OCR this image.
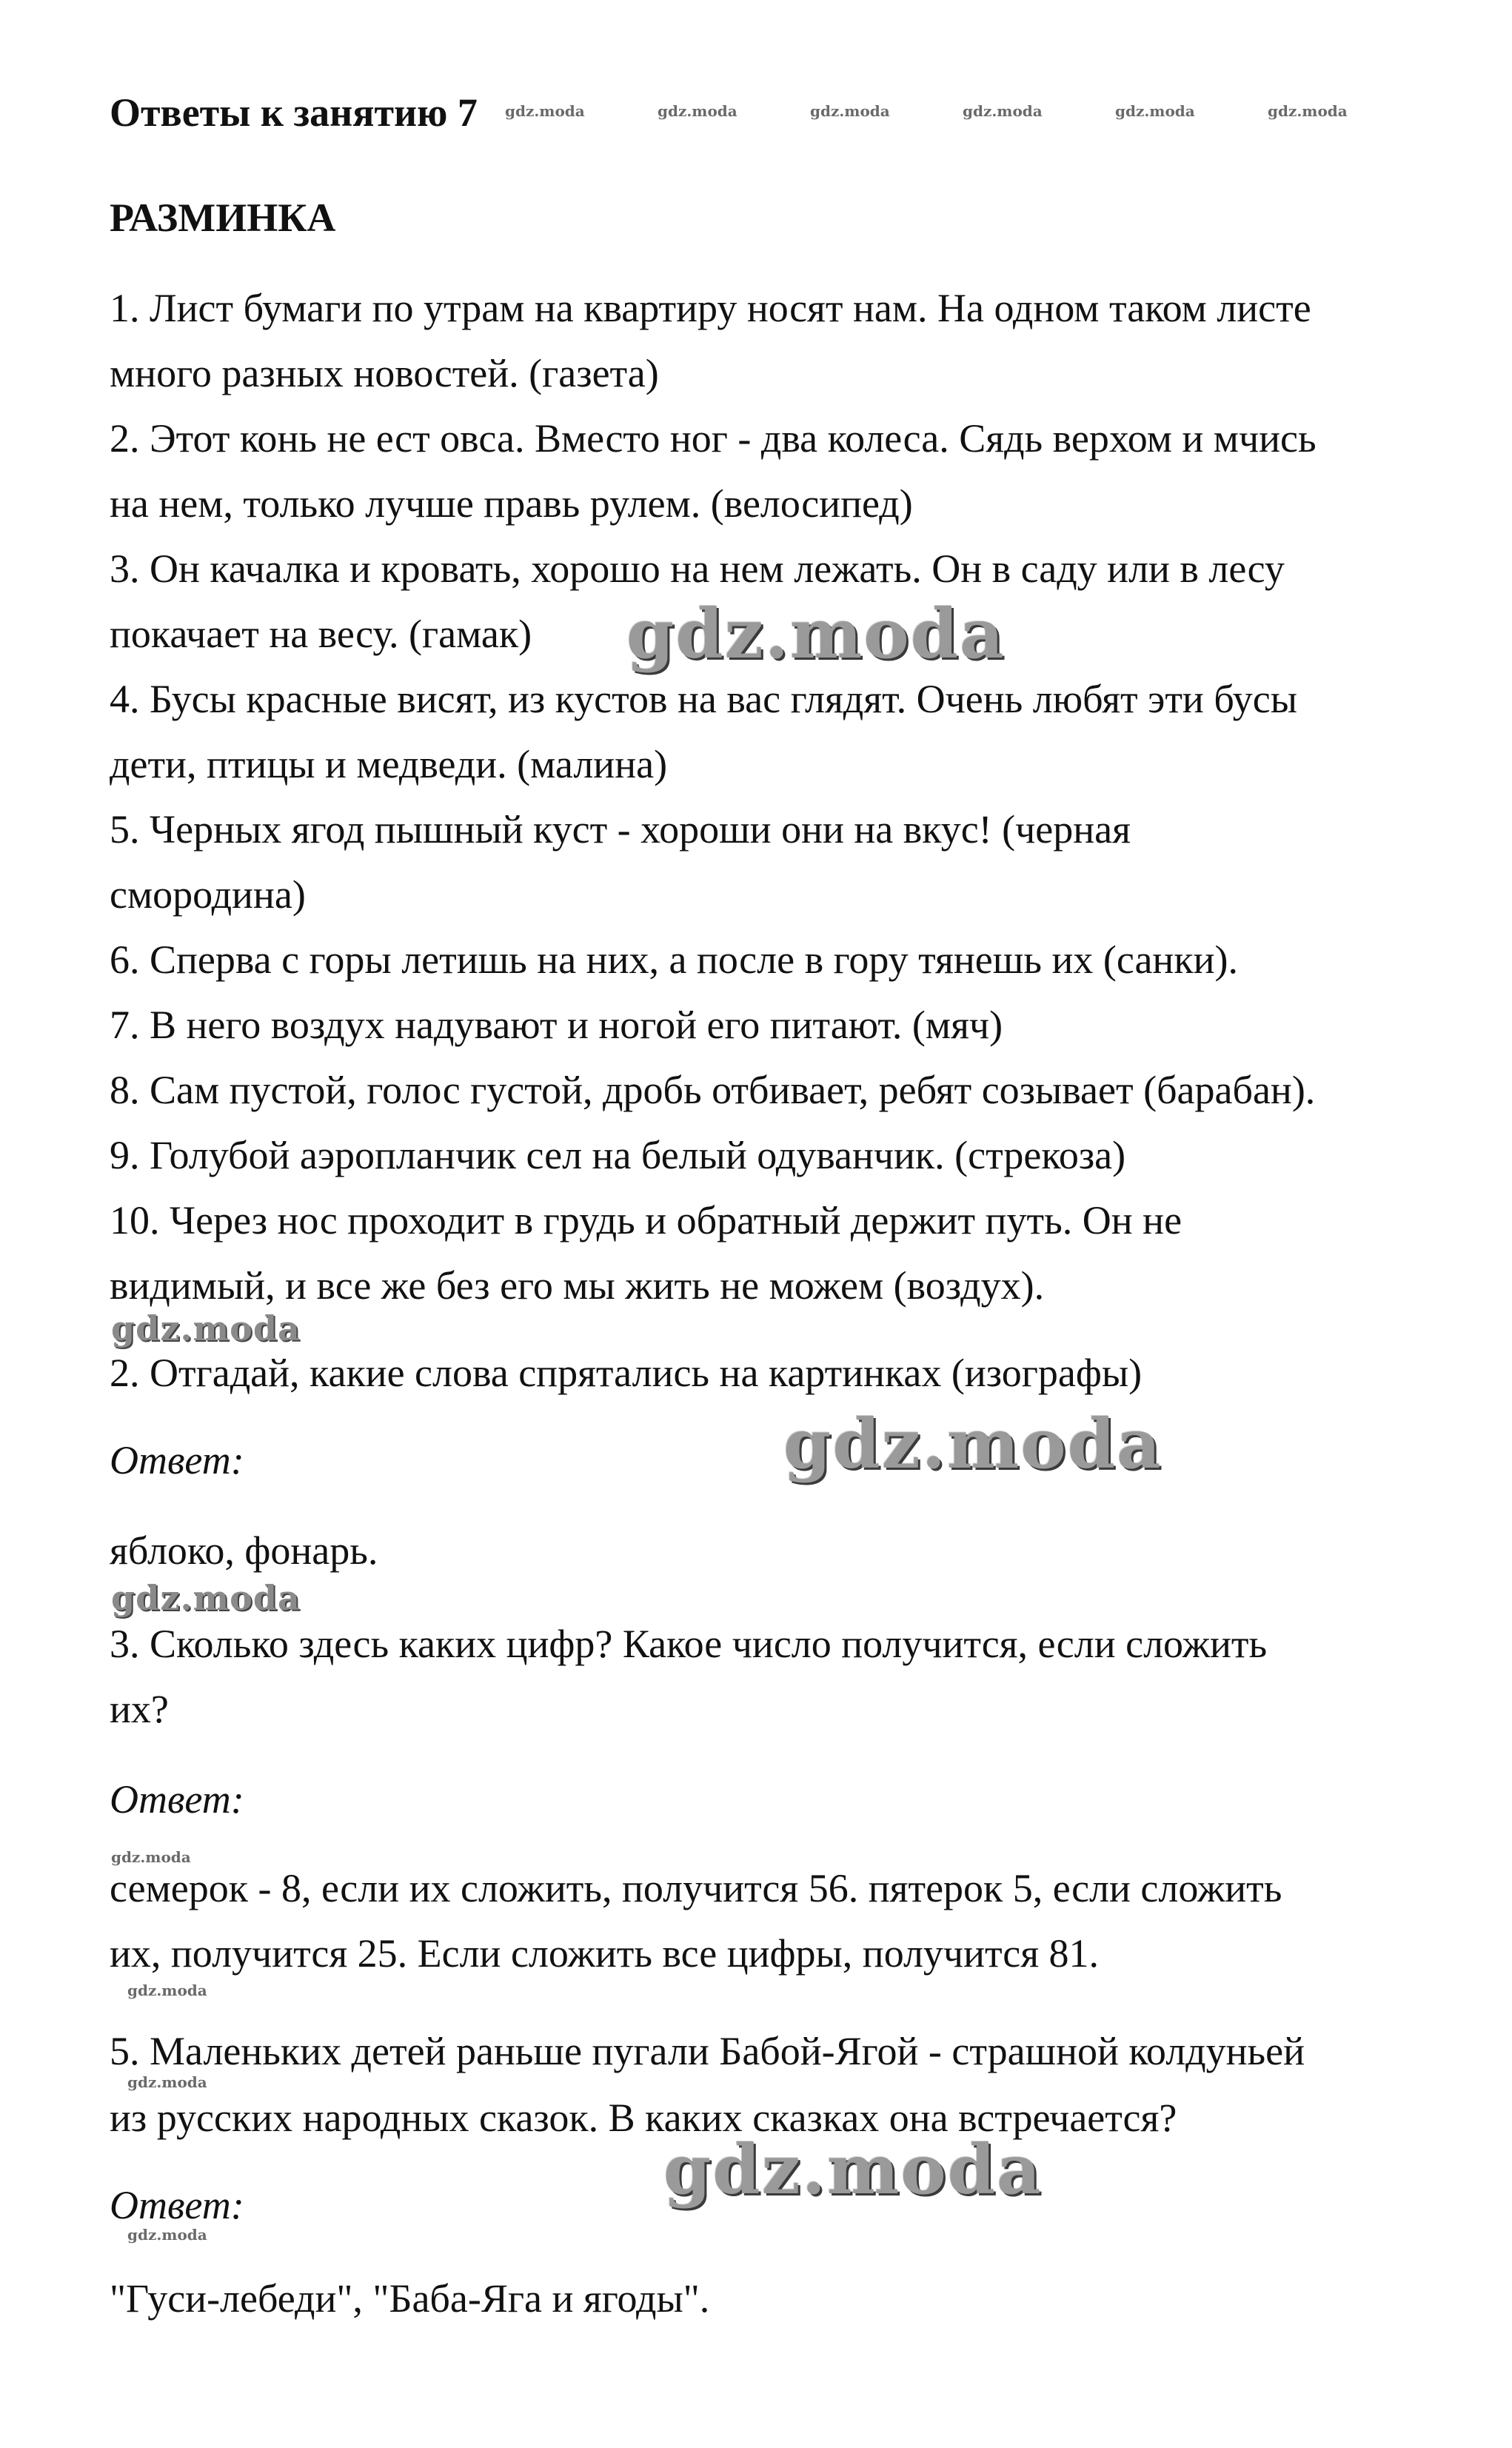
Ответы к занятию 7 gdz.moda	gdz.moda	gdz.moda	gdz.moda	gdz.moda	gdz.moda
РАЗМИНКА
1. Лист бумаги по утрам на квартиру носят нам. На одном таком листе
много разных новостей. (газета)
2. Этот конь не ест овса. Вместо ног - два колеса. Сядь верхом и мчись
на нем, только лучше правь рулем. (велосипед)
3. Он качалка и кровать, хорошо на нем лежать. Он в саду или в лесу
покачает на весу. (гамак)
4. Бусы красные висят, из кустов на вас глядят. Очень любят эти бусы
дети, птицы и медведи. (малина)
5. Черных ягод пышный куст - хороши они на вкус! (черная
смородина)
6. Сперва с горы летишь на них, а после в гору тянешь их (санки).
7. В него воздух надувают и ногой его питают. (мяч)
8. Сам пустой, голос густой, дробь отбивает, ребят созывает (барабан).
9. Голубой аэропланчик сел на белый одуванчик. (стрекоза)
10. Через нос проходит в грудь и обратный держит путь. Он не
видимый, и все же без его мы жить не можем (воздух).
gdz.moda
gdz.moda
2. Отгадай, какие слова спрятались на картинках (изографы)
Ответ:	gdz.moda
яблоко, фонарь.
gdz.moda
3. Сколько здесь каких цифр? Какое число получится, если сложить
их?
Ответ:
gdz.moda
семерок - 8, если их сложить, получится 56. пятерок 5, если сложить
их, получится 25. Если сложить все цифры, получится 81.
gdz.moda
5. Маленьких детей раньше пугали Бабой-Ягой - страшной колдуньей
gdz.moda
из русских народных сказок. В каких сказках она встречается?
gdz.moda
Ответ:
gdz.moda
"Гуси-лебеди", "Баба-Яга и ягоды".
